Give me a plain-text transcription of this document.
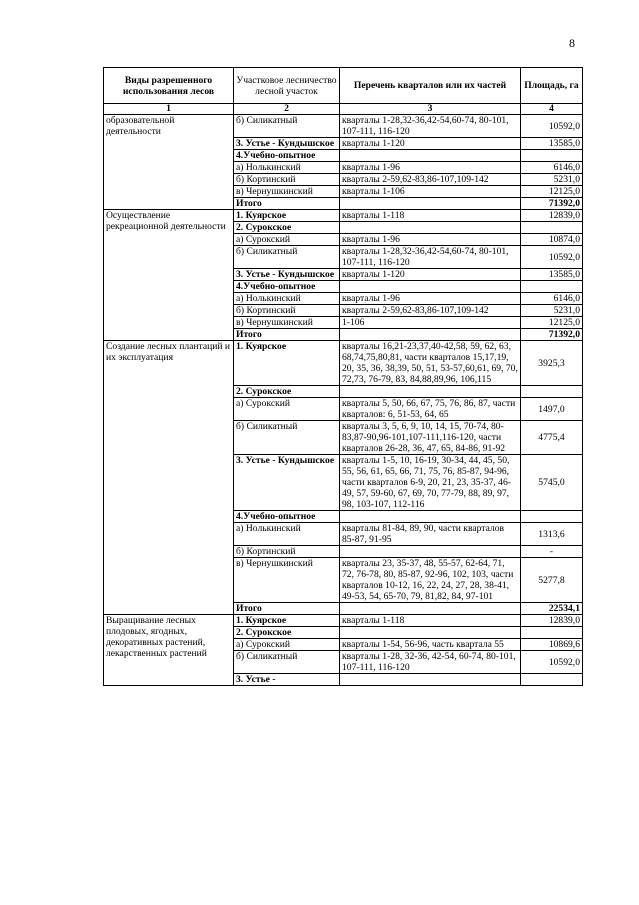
8
Виды разрешенного использования лесов	Участковое лесничество лесной участок	Перечень кварталов или их частей	Площадь, га
1	2	3	4
образовательной деятельности	б) Силикатный	кварталы 1-28,32-36,42-54,60-74, 80-101, 107-111, 116-120	10592,0
	3. Устье - Кундышское	кварталы 1-120	13585,0
	4.Учебно-опытное		
	а) Нолькинский	кварталы 1-96	6146,0
	б) Кортинский	кварталы 2-59,62-83,86-107,109-142	5231,0
	в) Чернушкинский	кварталы 1-106	12125,0
	Итого		71392,0
Осуществление рекреационной деятельности	1. Куярское	кварталы 1-118	12839,0
	2. Сурокское		
	а) Сурокский	кварталы 1-96	10874,0
	б) Силикатный	кварталы 1-28,32-36,42-54,60-74, 80-101, 107-111, 116-120	10592,0
	3. Устье - Кундышское	кварталы 1-120	13585,0
	4.Учебно-опытное		
	а) Нолькинский	кварталы 1-96	6146,0
	б) Кортинский	кварталы 2-59,62-83,86-107,109-142	5231,0
	в) Чернушкинский	1-106	12125,0
	Итого		71392,0
Создание лесных плантаций и их эксплуатация	1. Куярское	кварталы 16,21-23,37,40-42,58, 59, 62, 63, 68,74,75,80,81, части кварталов 15,17,19, 20, 35, 36, 38,39, 50, 51, 53-57,60,61, 69, 70, 72,73, 76-79, 83, 84,88,89,96, 106,115	3925,3
	2. Сурокское		
	а) Сурокский	кварталы 5, 50, 66, 67, 75, 76, 86, 87, части кварталов: 6, 51-53, 64, 65	1497,0
	б) Силикатный	кварталы 3, 5, 6, 9, 10, 14, 15, 70-74, 80-83,87-90,96-101,107-111,116-120, части кварталов 26-28, 36, 47, 65, 84-86, 91-92	4775,4
	3. Устье - Кундышское	кварталы 1-5, 10, 16-19, 30-34, 44, 45, 50, 55, 56, 61, 65, 66, 71, 75, 76, 85-87, 94-96, части кварталов 6-9, 20, 21, 23, 35-37, 46-49, 57, 59-60, 67, 69, 70, 77-79, 88, 89, 97, 98, 103-107, 112-116	5745,0
	4.Учебно-опытное		
	а) Нолькинский	кварталы 81-84, 89, 90, части кварталов 85-87, 91-95	1313,6
	б) Кортинский		-
	в) Чернушкинский	кварталы 23, 35-37, 48, 55-57, 62-64, 71, 72, 76-78, 80, 85-87, 92-96, 102, 103, части кварталов 10-12, 16, 22, 24, 27, 28, 38-41, 49-53, 54, 65-70, 79, 81,82, 84, 97-101	5277,8
	Итого		22534,1
Выращивание лесных плодовых, ягодных, декоративных растений, лекарственных растений	1. Куярское	кварталы 1-118	12839,0
	2. Сурокское		
	а) Сурокский	кварталы 1-54, 56-96, часть квартала 55	10869,6
	б) Силикатный	кварталы 1-28, 32-36, 42-54, 60-74, 80-101, 107-111, 116-120	10592,0
	3. Устье -		
